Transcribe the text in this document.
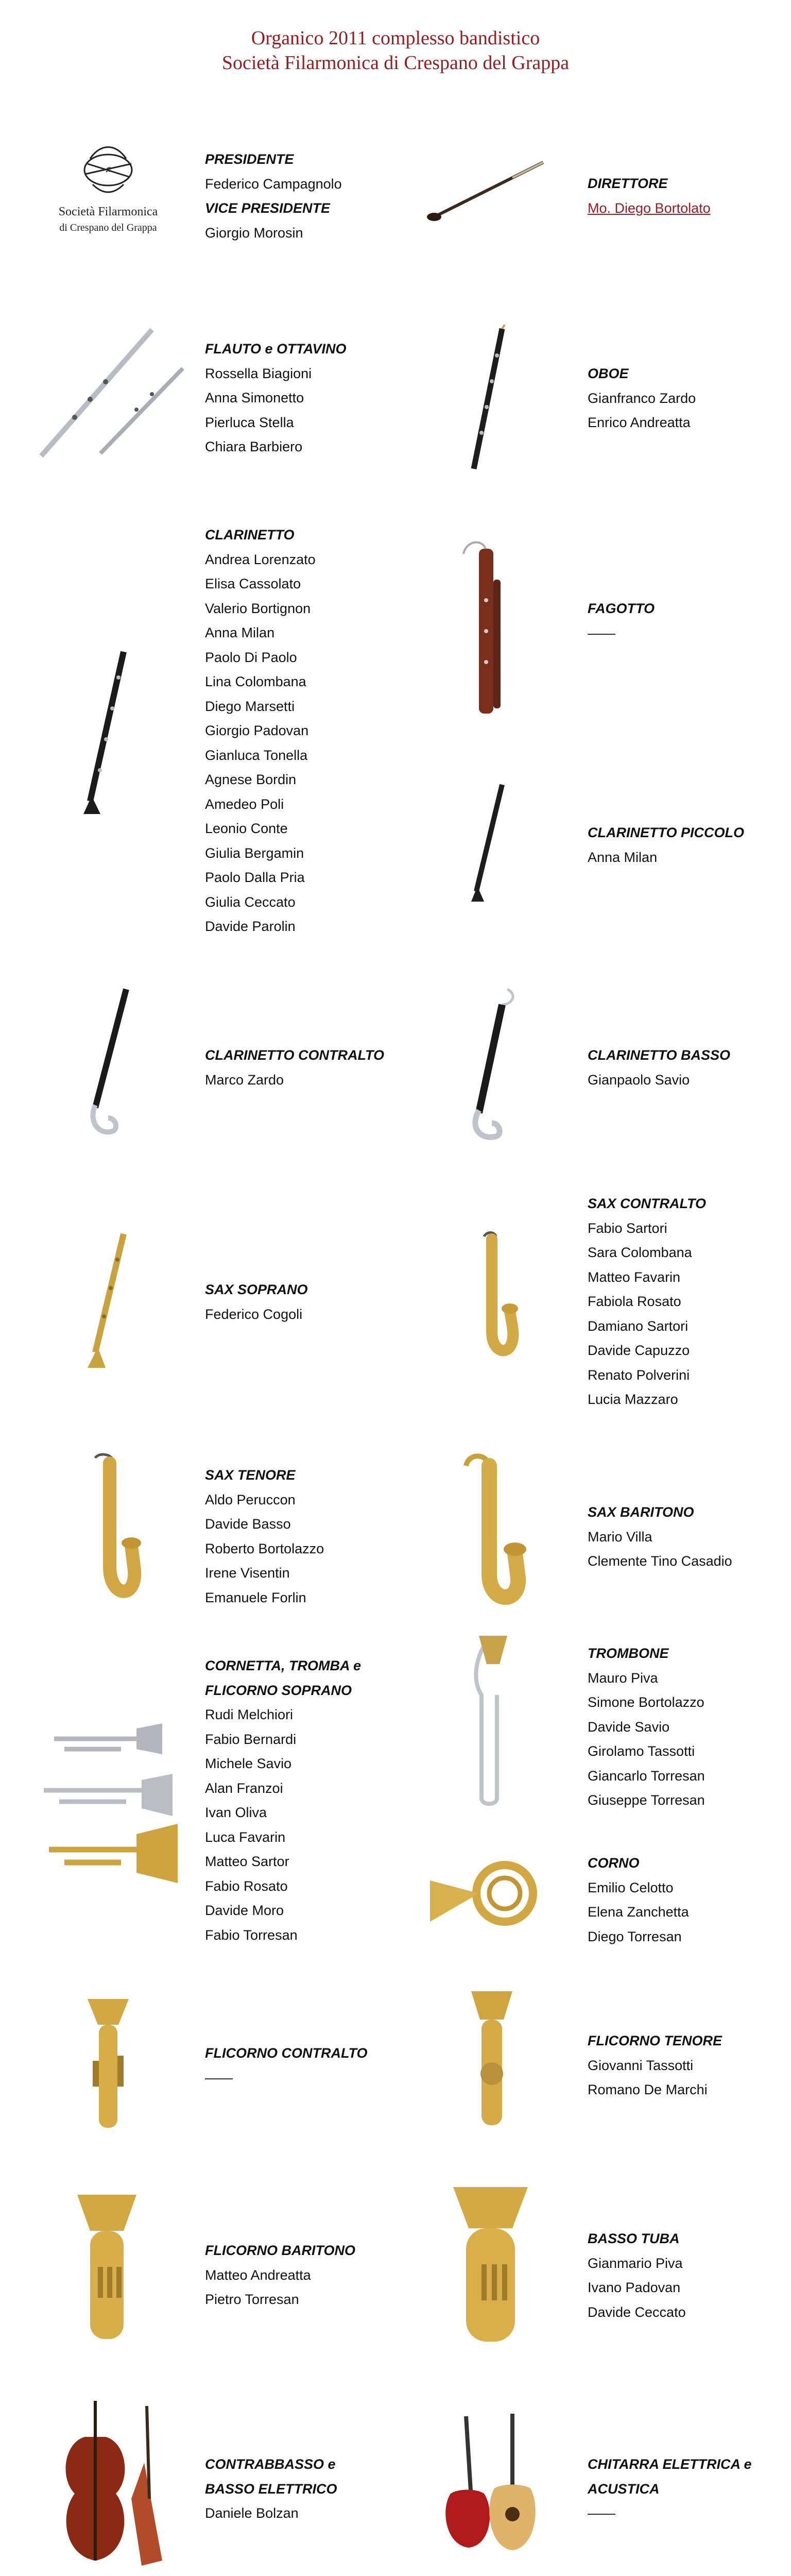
Organico 2011 complesso bandistico
Società Filarmonica di Crespano del Grappa
♫
Società Filarmonica
di Crespano del Grappa
PRESIDENTE
Federico Campagnolo
VICE PRESIDENTE
Giorgio Morosin
DIRETTORE
Mo. Diego Bortolato
FLAUTO e OTTAVINO
Rossella Biagioni
Anna Simonetto
Pierluca Stella
Chiara Barbiero
OBOE
Gianfranco Zardo
Enrico Andreatta
CLARINETTO
Andrea Lorenzato
Elisa Cassolato
Valerio Bortignon
Anna Milan
Paolo Di Paolo
Lina Colombana
Diego Marsetti
Giorgio Padovan
Gianluca Tonella
Agnese Bordin
Amedeo Poli
Leonio Conte
Giulia Bergamin
Paolo Dalla Pria
Giulia Ceccato
Davide Parolin
FAGOTTO
——
CLARINETTO PICCOLO
Anna Milan
CLARINETTO CONTRALTO
Marco Zardo
CLARINETTO BASSO
Gianpaolo Savio
SAX CONTRALTO
Fabio Sartori
Sara Colombana
Matteo Favarin
Fabiola Rosato
Damiano Sartori
Davide Capuzzo
Renato Polverini
Lucia Mazzaro
SAX SOPRANO
Federico Cogoli
SAX TENORE
Aldo Peruccon
Davide Basso
Roberto Bortolazzo
Irene Visentin
Emanuele Forlin
SAX BARITONO
Mario Villa
Clemente Tino Casadio
CORNETTA, TROMBA e
FLICORNO SOPRANO
Rudi Melchiori
Fabio Bernardi
Michele Savio
Alan Franzoi
Ivan Oliva
Luca Favarin
Matteo Sartor
Fabio Rosato
Davide Moro
Fabio Torresan
TROMBONE
Mauro Piva
Simone Bortolazzo
Davide Savio
Girolamo Tassotti
Giancarlo Torresan
Giuseppe Torresan
CORNO
Emilio Celotto
Elena Zanchetta
Diego Torresan
FLICORNO CONTRALTO
——
FLICORNO TENORE
Giovanni Tassotti
Romano De Marchi
FLICORNO BARITONO
Matteo Andreatta
Pietro Torresan
BASSO TUBA
Gianmario Piva
Ivano Padovan
Davide Ceccato
CONTRABBASSO e
BASSO ELETTRICO
Daniele Bolzan
CHITARRA ELETTRICA e
ACUSTICA
——
